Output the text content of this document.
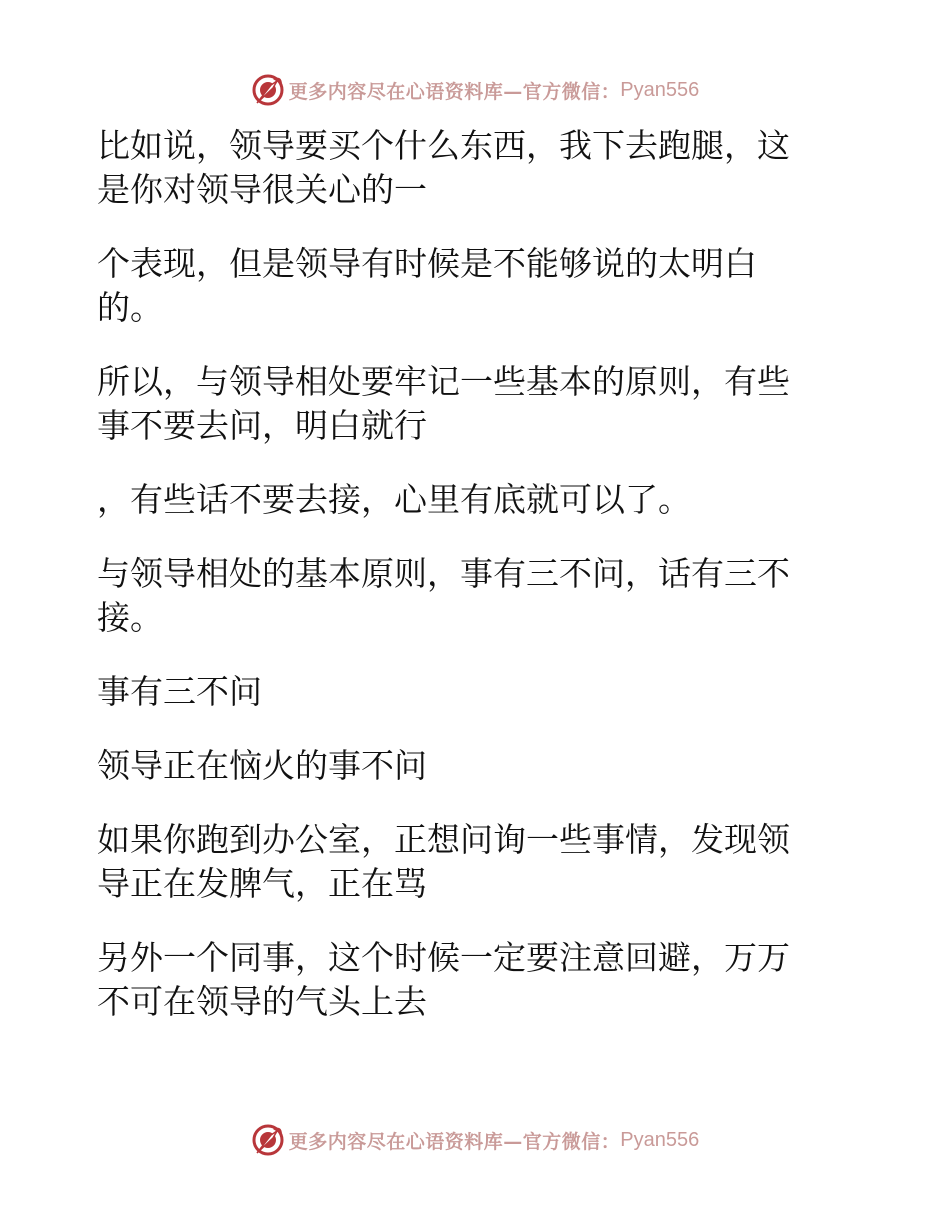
更多内容尽在心语资料库—官方微信： Pyan556

比如说，领导要买个什么东西，我下去跑腿，这
是你对领导很关心的一

个表现，但是领导有时候是不能够说的太明白
的。

所以，与领导相处要牢记一些基本的原则，有些
事不要去问，明白就行

，有些话不要去接，心里有底就可以了。

与领导相处的基本原则，事有三不问，话有三不
接。

事有三不问

领导正在恼火的事不问

如果你跑到办公室，正想问询一些事情，发现领
导正在发脾气，正在骂

另外一个同事，这个时候一定要注意回避，万万
不可在领导的气头上去

更多内容尽在心语资料库—官方微信： Pyan556
